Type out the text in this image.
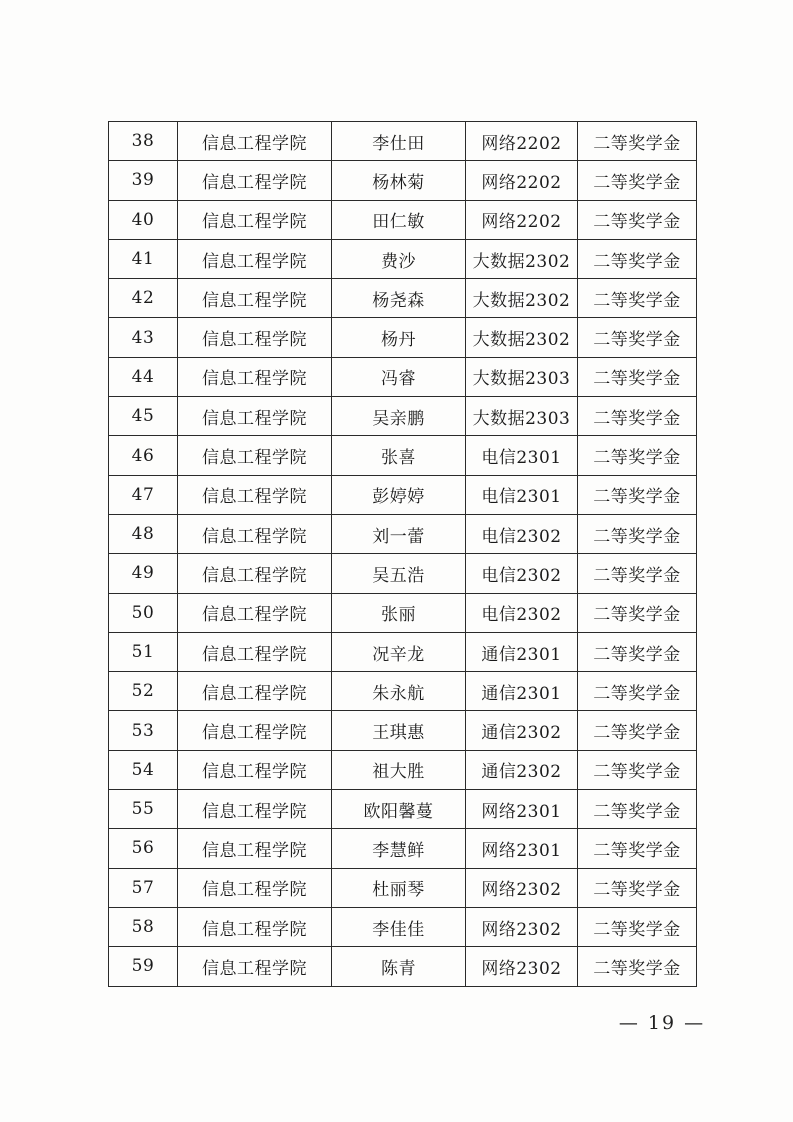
38	信息工程学院	李仕田	网络2202	二等奖学金
39	信息工程学院	杨林菊	网络2202	二等奖学金
40	信息工程学院	田仁敏	网络2202	二等奖学金
41	信息工程学院	费沙	大数据2302	二等奖学金
42	信息工程学院	杨尧森	大数据2302	二等奖学金
43	信息工程学院	杨丹	大数据2302	二等奖学金
44	信息工程学院	冯睿	大数据2303	二等奖学金
45	信息工程学院	吴亲鹏	大数据2303	二等奖学金
46	信息工程学院	张喜	电信2301	二等奖学金
47	信息工程学院	彭婷婷	电信2301	二等奖学金
48	信息工程学院	刘一蕾	电信2302	二等奖学金
49	信息工程学院	吴五浩	电信2302	二等奖学金
50	信息工程学院	张丽	电信2302	二等奖学金
51	信息工程学院	况辛龙	通信2301	二等奖学金
52	信息工程学院	朱永航	通信2301	二等奖学金
53	信息工程学院	王琪惠	通信2302	二等奖学金
54	信息工程学院	祖大胜	通信2302	二等奖学金
55	信息工程学院	欧阳馨蔓	网络2301	二等奖学金
56	信息工程学院	李慧鲜	网络2301	二等奖学金
57	信息工程学院	杜丽琴	网络2302	二等奖学金
58	信息工程学院	李佳佳	网络2302	二等奖学金
59	信息工程学院	陈青	网络2302	二等奖学金
— 19 —
